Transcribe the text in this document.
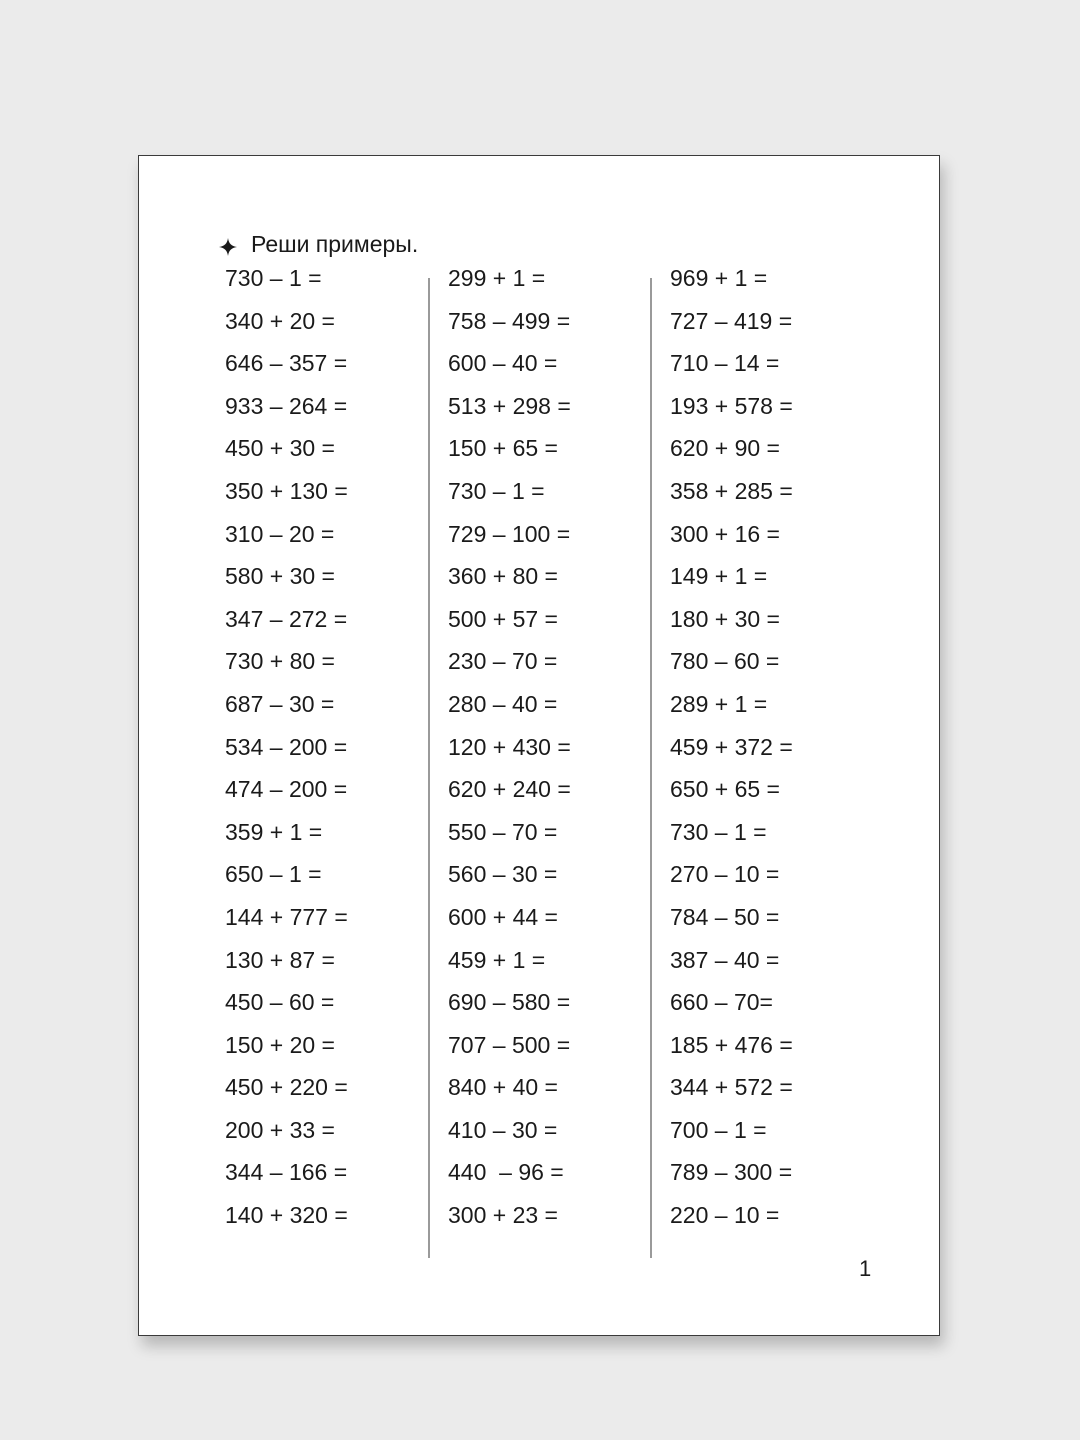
Реши примеры.
730 – 1 =
340 + 20 =
646 – 357 =
933 – 264 =
450 + 30 =
350 + 130 =
310 – 20 =
580 + 30 =
347 – 272 =
730 + 80 =
687 – 30 =
534 – 200 =
474 – 200 =
359 + 1 =
650 – 1 =
144 + 777 =
130 + 87 =
450 – 60 =
150 + 20 =
450 + 220 =
200 + 33 =
344 – 166 =
140 + 320 =
299 + 1 =
758 – 499 =
600 – 40 =
513 + 298 =
150 + 65 =
730 – 1 =
729 – 100 =
360 + 80 =
500 + 57 =
230 – 70 =
280 – 40 =
120 + 430 =
620 + 240 =
550 – 70 =
560 – 30 =
600 + 44 =
459 + 1 =
690 – 580 =
707 – 500 =
840 + 40 =
410 – 30 =
440  – 96 =
300 + 23 =
969 + 1 =
727 – 419 =
710 – 14 =
193 + 578 =
620 + 90 =
358 + 285 =
300 + 16 =
149 + 1 =
180 + 30 =
780 – 60 =
289 + 1 =
459 + 372 =
650 + 65 =
730 – 1 =
270 – 10 =
784 – 50 =
387 – 40 =
660 – 70=
185 + 476 =
344 + 572 =
700 – 1 =
789 – 300 =
220 – 10 =
1
